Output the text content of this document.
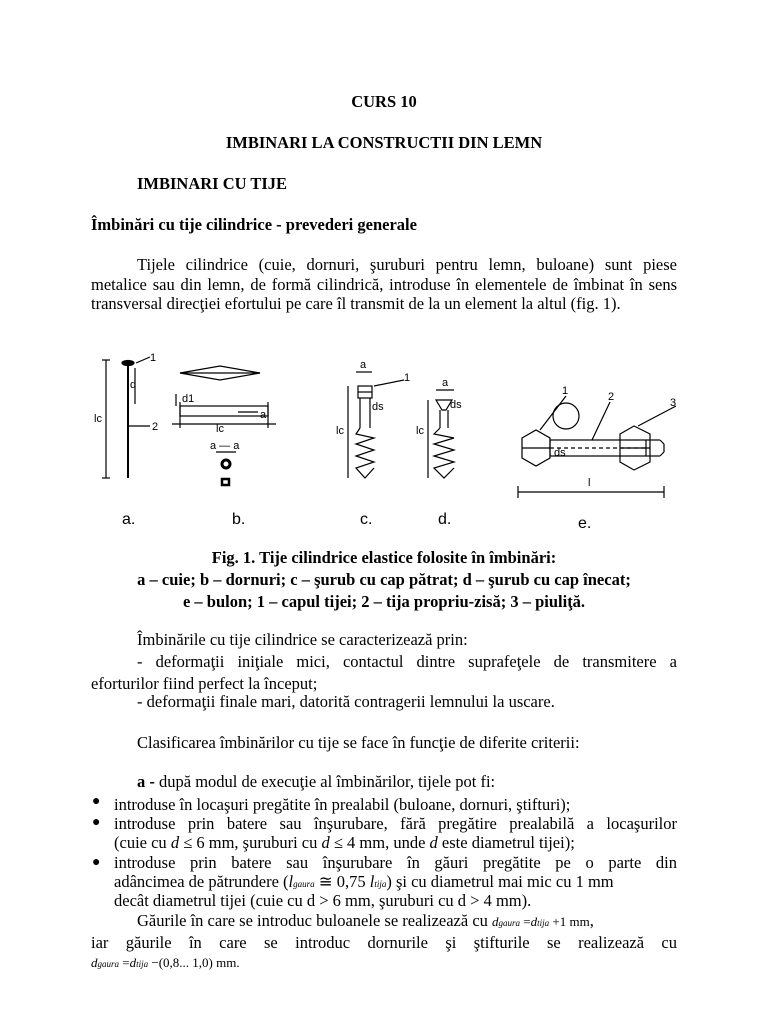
CURS 10
IMBINARI LA CONSTRUCTII DIN LEMN
IMBINARI CU TIJE
Îmbinări cu tije cilindrice - prevederi generale
Tijele cilindrice (cuie, dornuri, şuruburi pentru lemn, buloane) sunt piese metalice sau din lemn, de formă cilindrică, introduse în elementele de îmbinat în sens transversal direcţiei efortului pe care îl transmit de la un element la altul (fig. 1).
1
d
2
lc
d1
lc
a
a — a
1
a
ds
lc
a
ds
lc
1	2	3
ds
l
a.	b.	c.	d.	e.
Fig. 1. Tije cilindrice elastice folosite în îmbinări:
a – cuie; b – dornuri; c – şurub cu cap pătrat; d – şurub cu cap înecat;
e – bulon; 1 – capul tijei; 2 – tija propriu-zisă; 3 – piuliţă.
Îmbinările cu tije cilindrice se caracterizează prin:
- deformaţii iniţiale mici, contactul dintre suprafeţele de transmitere a
eforturilor fiind perfect la început;
- deformaţii finale mari, datorită contragerii lemnului la uscare.
Clasificarea îmbinărilor cu tije se face în funcţie de diferite criterii:
a - după modul de execuţie al îmbinărilor, tijele pot fi:
● introduse în locaşuri pregătite în prealabil (buloane, dornuri, ştifturi);
● introduse prin batere sau înşurubare, fără pregătire prealabilă a locaşurilor
(cuie cu d ≤ 6 mm, şuruburi cu d ≤ 4 mm, unde d este diametrul tijei);
● introduse prin batere sau înşurubare în găuri pregătite pe o parte din
adâncimea de pătrundere (lgaura ≅ 0,75 ltija) şi cu diametrul mai mic cu 1 mm
decât diametrul tijei (cuie cu d > 6 mm, şuruburi cu d > 4 mm).
Găurile în care se introduc buloanele se realizează cu dgaura =dtija +1 mm,
iar găurile în care se introduc dornurile şi ştifturile se realizează cu
dgaura =dtija −(0,8... 1,0) mm.
